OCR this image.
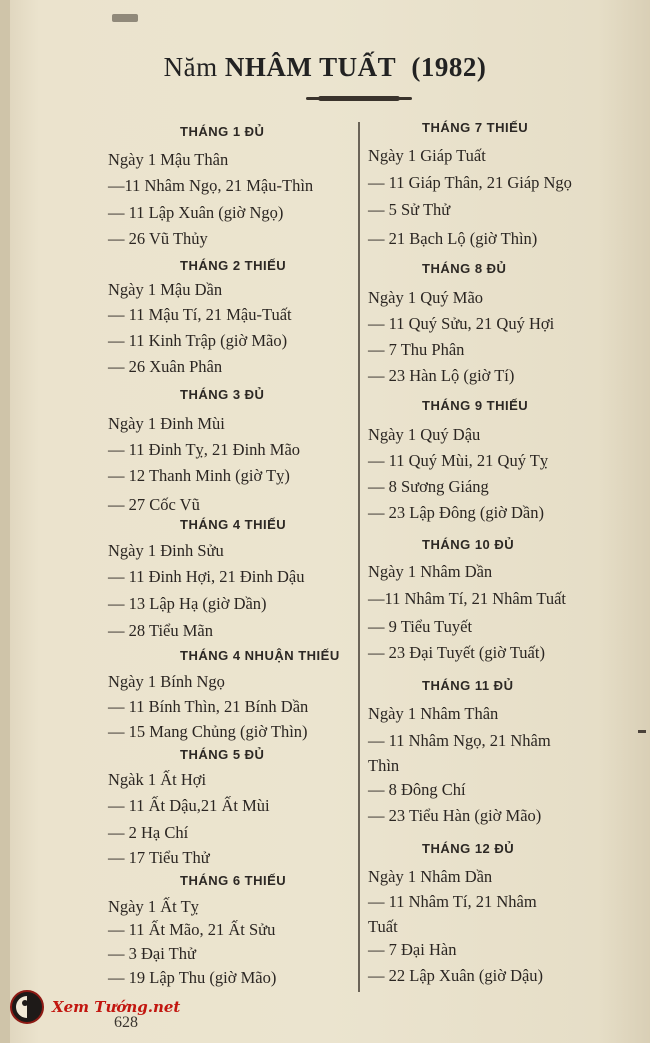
Năm NHÂM TUẤT (1982)
THÁNG 1 ĐỦ
Ngày 1 Mậu Thân
—11 Nhâm Ngọ, 21 Mậu-Thìn
— 11 Lập Xuân (giờ Ngọ)
— 26 Vũ Thủy
THÁNG 2 THIẾU
Ngày 1 Mậu Dần
— 11 Mậu Tí, 21 Mậu-Tuất
— 11 Kinh Trập (giờ Mão)
— 26 Xuân Phân
THÁNG 3 ĐỦ
Ngày 1 Đinh Mùi
— 11 Đinh Tỵ, 21 Đinh Mão
— 12 Thanh Minh (giờ Tỵ)
— 27 Cốc Vũ
THÁNG 4 THIẾU
Ngày 1 Đinh Sửu
— 11 Đinh Hợi, 21 Đinh Dậu
— 13 Lập Hạ (giờ Dần)
— 28 Tiểu Mãn
THÁNG 4 NHUẬN THIẾU
Ngày 1 Bính Ngọ
— 11 Bính Thìn, 21 Bính Dần
— 15 Mang Chủng (giờ Thìn)
THÁNG 5 ĐỦ
Ngàk 1 Ất Hợi
— 11 Ất Dậu,21 Ất Mùi
— 2 Hạ Chí
— 17 Tiểu Thử
THÁNG 6 THIẾU
Ngày 1 Ất Tỵ
— 11 Ất Mão, 21 Ất Sửu
— 3 Đại Thử
— 19 Lập Thu (giờ Mão)
THÁNG 7 THIẾU
Ngày 1 Giáp Tuất
— 11 Giáp Thân, 21 Giáp Ngọ
— 5 Sử Thử
— 21 Bạch Lộ (giờ Thìn)
THÁNG 8 ĐỦ
Ngày 1 Quý Mão
— 11 Quý Sửu, 21 Quý Hợi
— 7 Thu Phân
— 23 Hàn Lộ (giờ Tí)
THÁNG 9 THIẾU
Ngày 1 Quý Dậu
— 11 Quý Mùi, 21 Quý Tỵ
— 8 Sương Giáng
— 23 Lập Đông (giờ Dần)
THÁNG 10 ĐỦ
Ngày 1 Nhâm Dần
—11 Nhâm Tí, 21 Nhâm Tuất
— 9 Tiểu Tuyết
— 23 Đại Tuyết (giờ Tuất)
THÁNG 11 ĐỦ
Ngày 1 Nhâm Thân
— 11 Nhâm Ngọ, 21 Nhâm
Thìn
— 8 Đông Chí
— 23 Tiểu Hàn (giờ Mão)
THÁNG 12 ĐỦ
Ngày 1 Nhâm Dần
— 11 Nhâm Tí, 21 Nhâm
Tuất
— 7 Đại Hàn
— 22 Lập Xuân (giờ Dậu)
Xem Tướng.net
628
